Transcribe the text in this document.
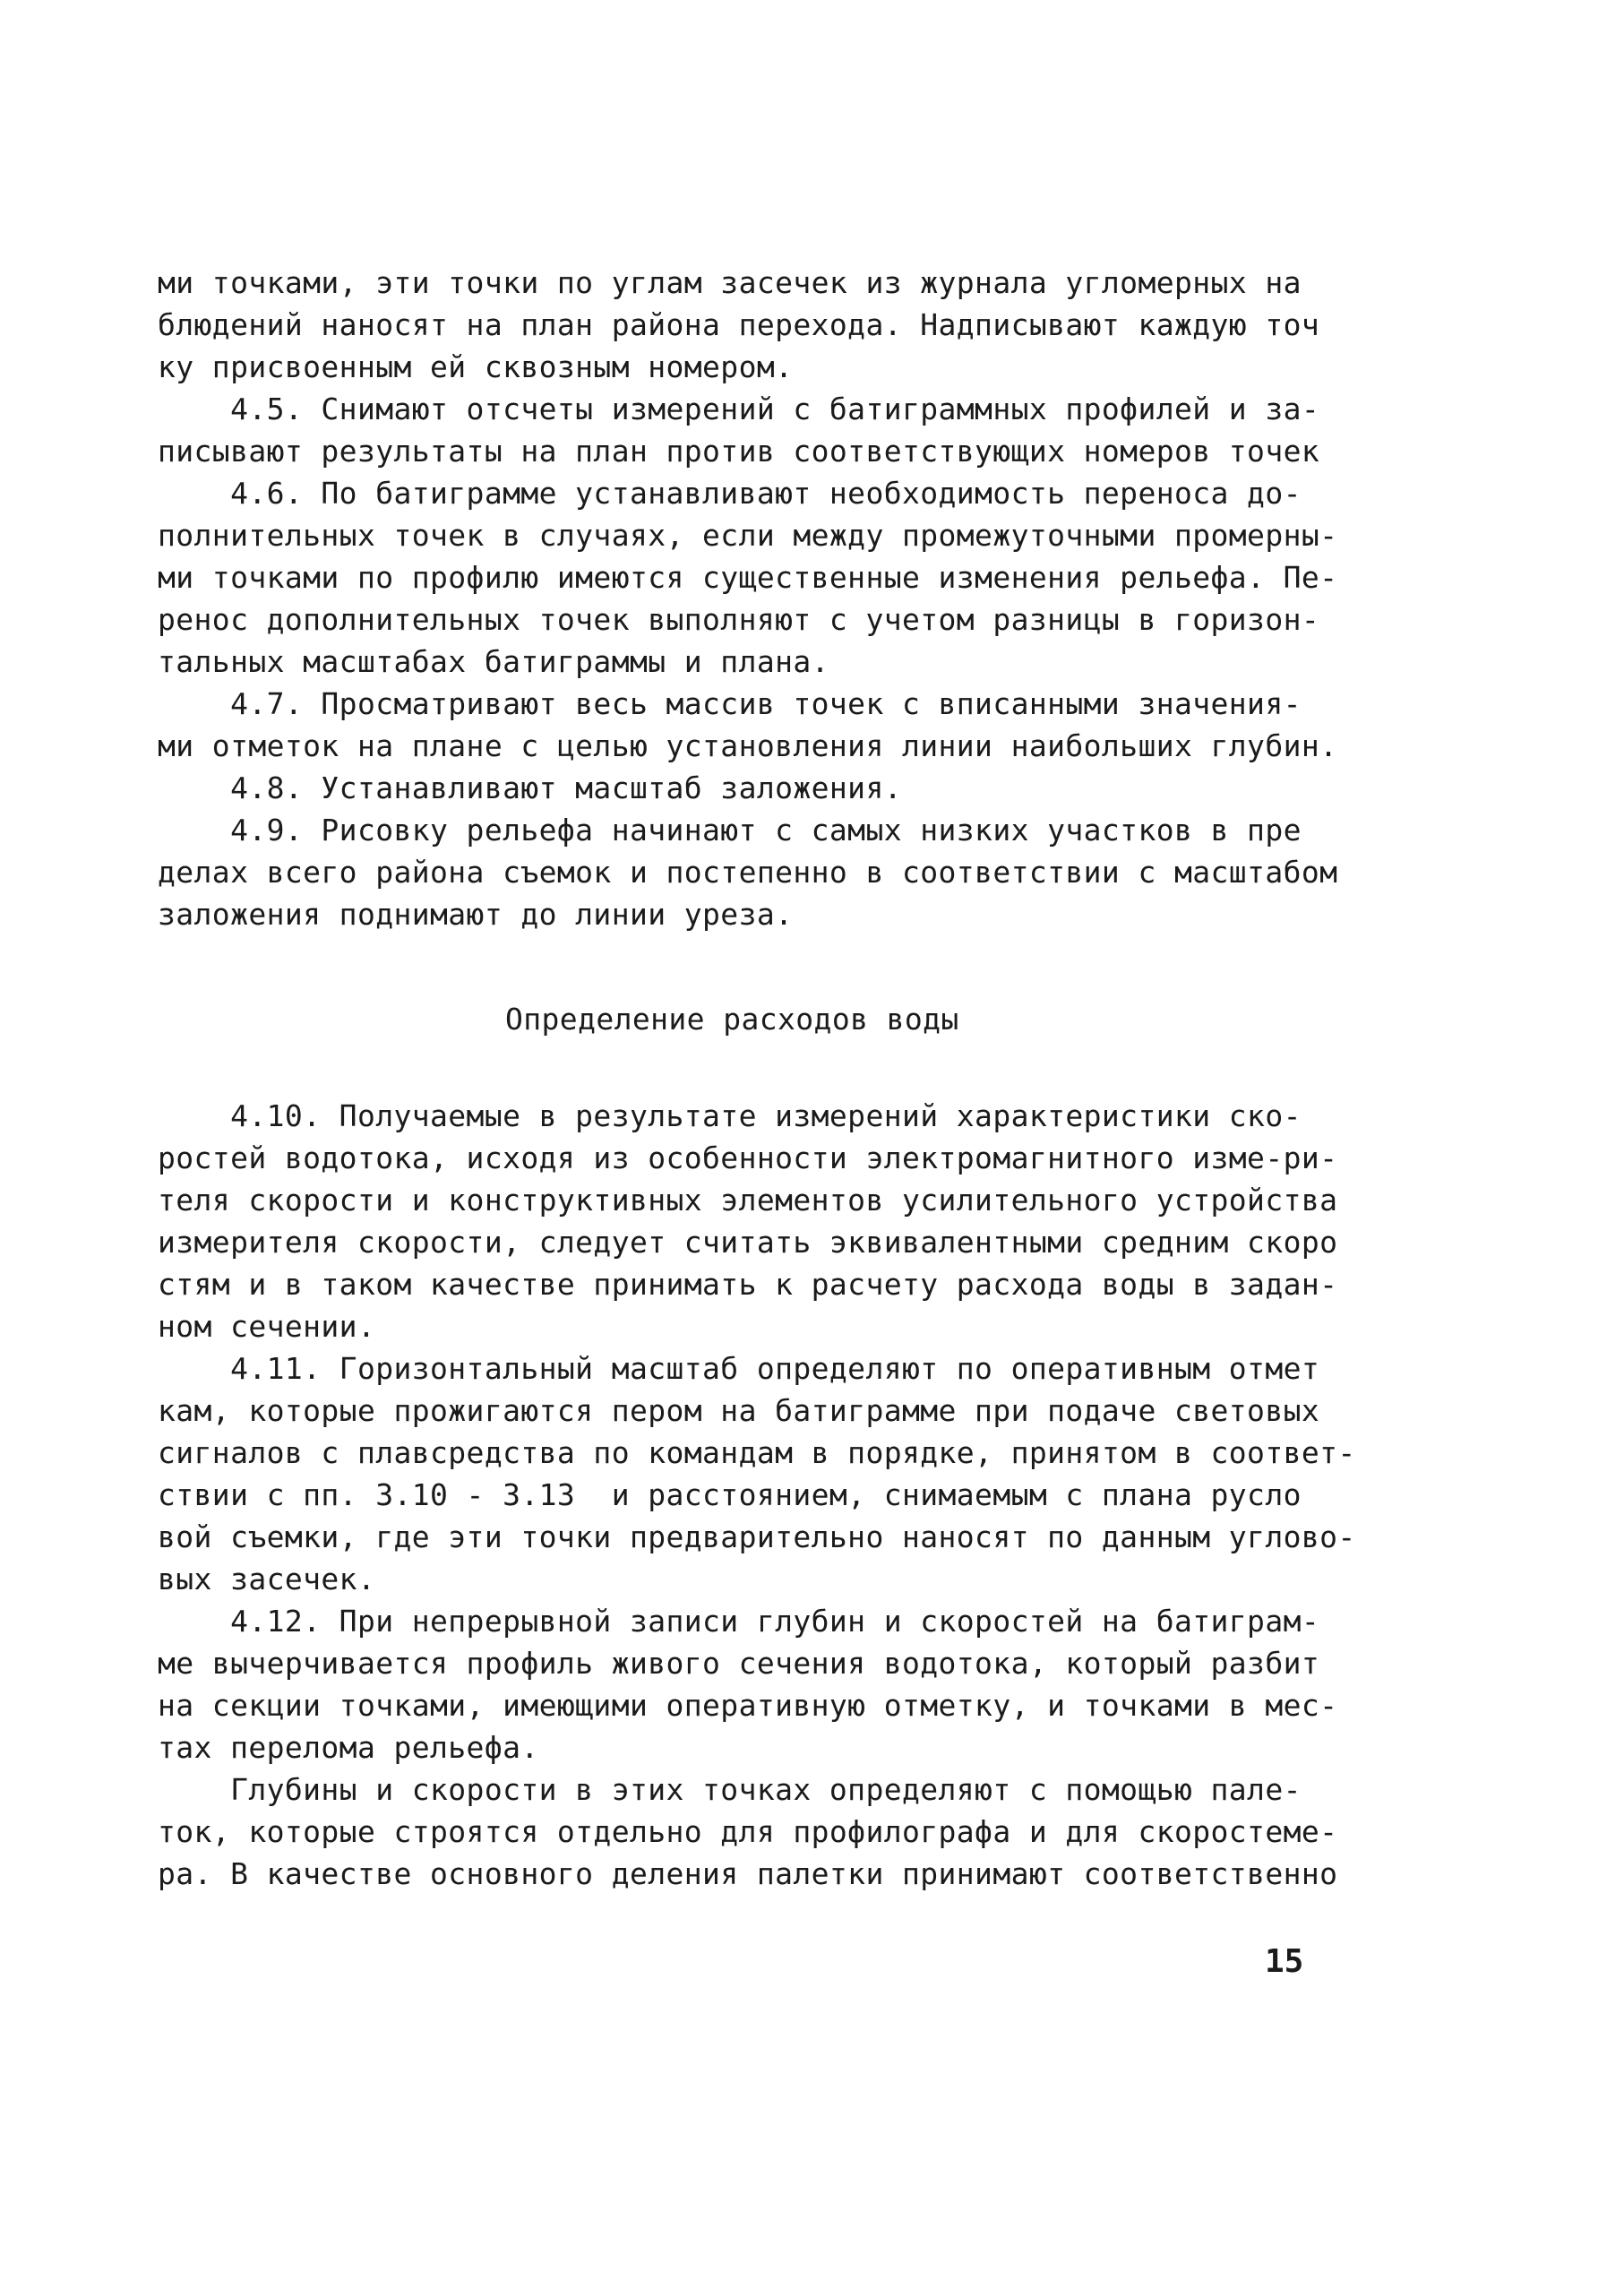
ми точками, эти точки по углам засечек из журнала угломерных на
блюдений наносят на план района перехода. Надписывают каждую точ
ку присвоенным ей сквозным номером.
4.5. Снимают отсчеты измерений с батиграммных профилей и за-
писывают результаты на план против соответствующих номеров точек
4.6. По батиграмме устанавливают необходимость переноса до-
полнительных точек в случаях, если между промежуточными промерны-
ми точками по профилю имеются существенные изменения рельефа. Пе-
ренос дополнительных точек выполняют с учетом разницы в горизон-
тальных масштабах батиграммы и плана.
4.7. Просматривают весь массив точек с вписанными значения-
ми отметок на плане с целью установления линии наибольших глубин.
4.8. Устанавливают масштаб заложения.
4.9. Рисовку рельефа начинают с самых низких участков в пре
делах всего района съемок и постепенно в соответствии с масштабом
заложения поднимают до линии уреза.
Определение расходов воды
4.10. Получаемые в результате измерений характеристики ско-
ростей водотока, исходя из особенности электромагнитного изме-ри-
теля скорости и конструктивных элементов усилительного устройства
измерителя скорости, следует считать эквивалентными средним скоро
стям и в таком качестве принимать к расчету расхода воды в задан-
ном сечении.
4.11. Горизонтальный масштаб определяют по оперативным отмет
кам, которые прожигаются пером на батиграмме при подаче световых
сигналов с плавсредства по командам в порядке, принятом в соответ-
ствии с пп. 3.10 - 3.13  и расстоянием, снимаемым с плана русло
вой съемки, где эти точки предварительно наносят по данным углово-
вых засечек.
4.12. При непрерывной записи глубин и скоростей на батиграм-
ме вычерчивается профиль живого сечения водотока, который разбит
на секции точками, имеющими оперативную отметку, и точками в мес-
тах перелома рельефа.
Глубины и скорости в этих точках определяют с помощью пале-
ток, которые строятся отдельно для профилографа и для скоростеме-
ра. В качестве основного деления палетки принимают соответственно
15
